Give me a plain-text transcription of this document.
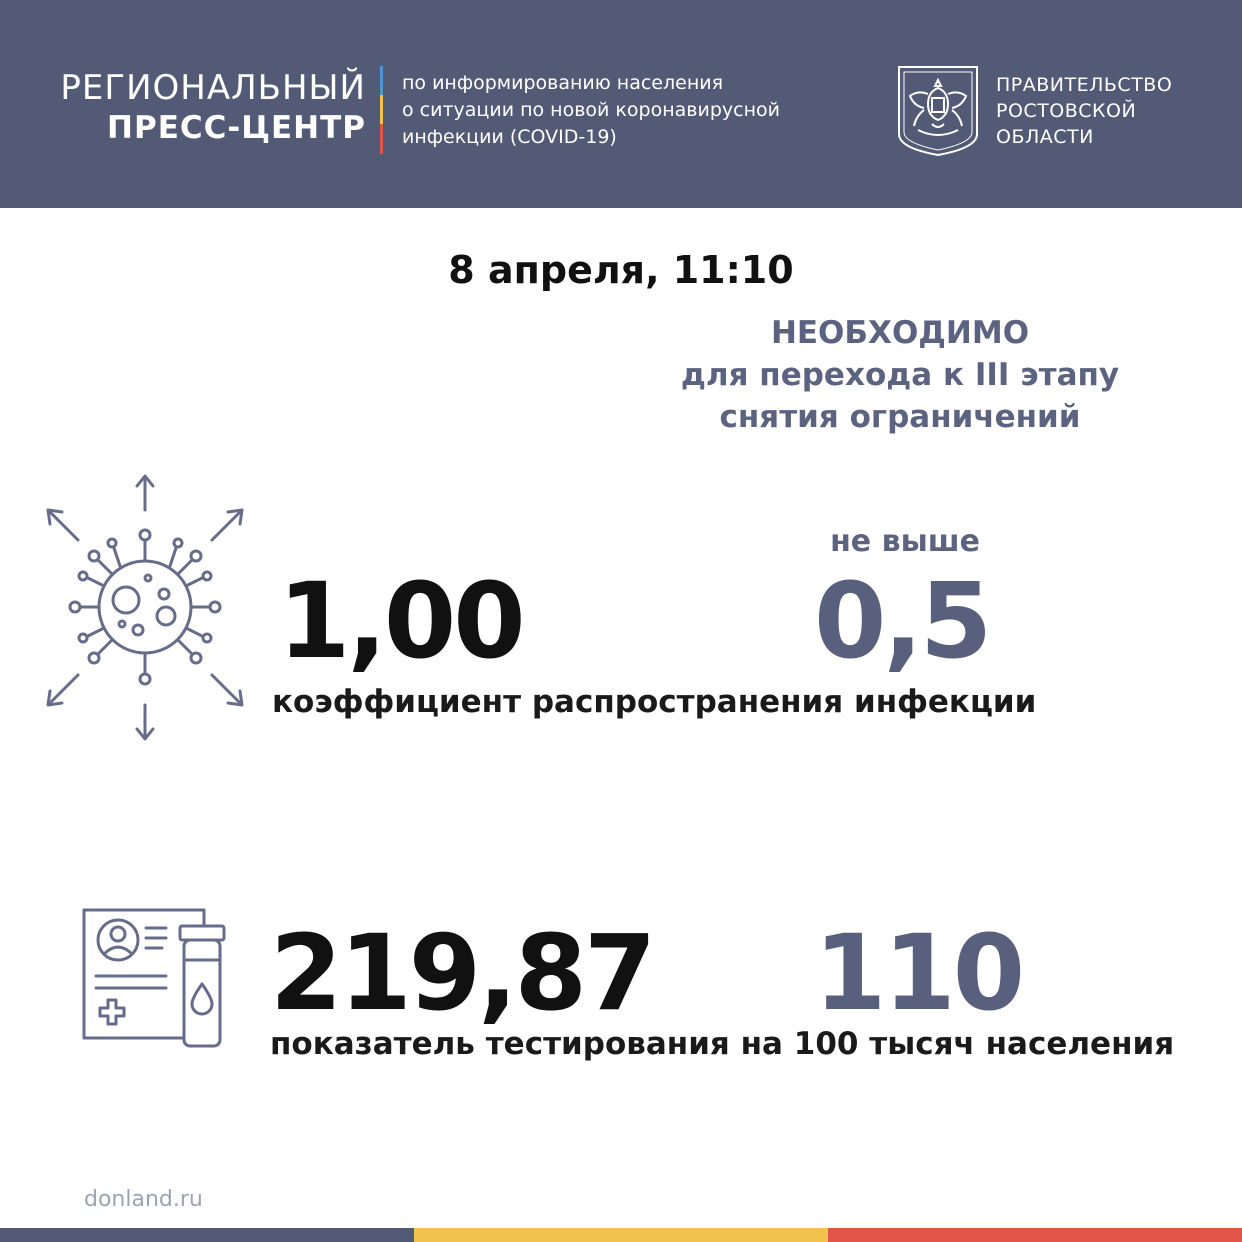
РЕГИОНАЛЬНЫЙ
ПРЕСС-ЦЕНТР
по информированию населения
о ситуации по новой коронавирусной
инфекции (COVID-19)
ПРАВИТЕЛЬСТВО
РОСТОВСКОЙ
ОБЛАСТИ
8 апреля, 11:10
НЕОБХОДИМО
для перехода к III этапу
снятия ограничений
1,00
не выше
0,5
коэффициент распространения инфекции
219,87 110
показатель тестирования на 100 тысяч населения
donland.ru
